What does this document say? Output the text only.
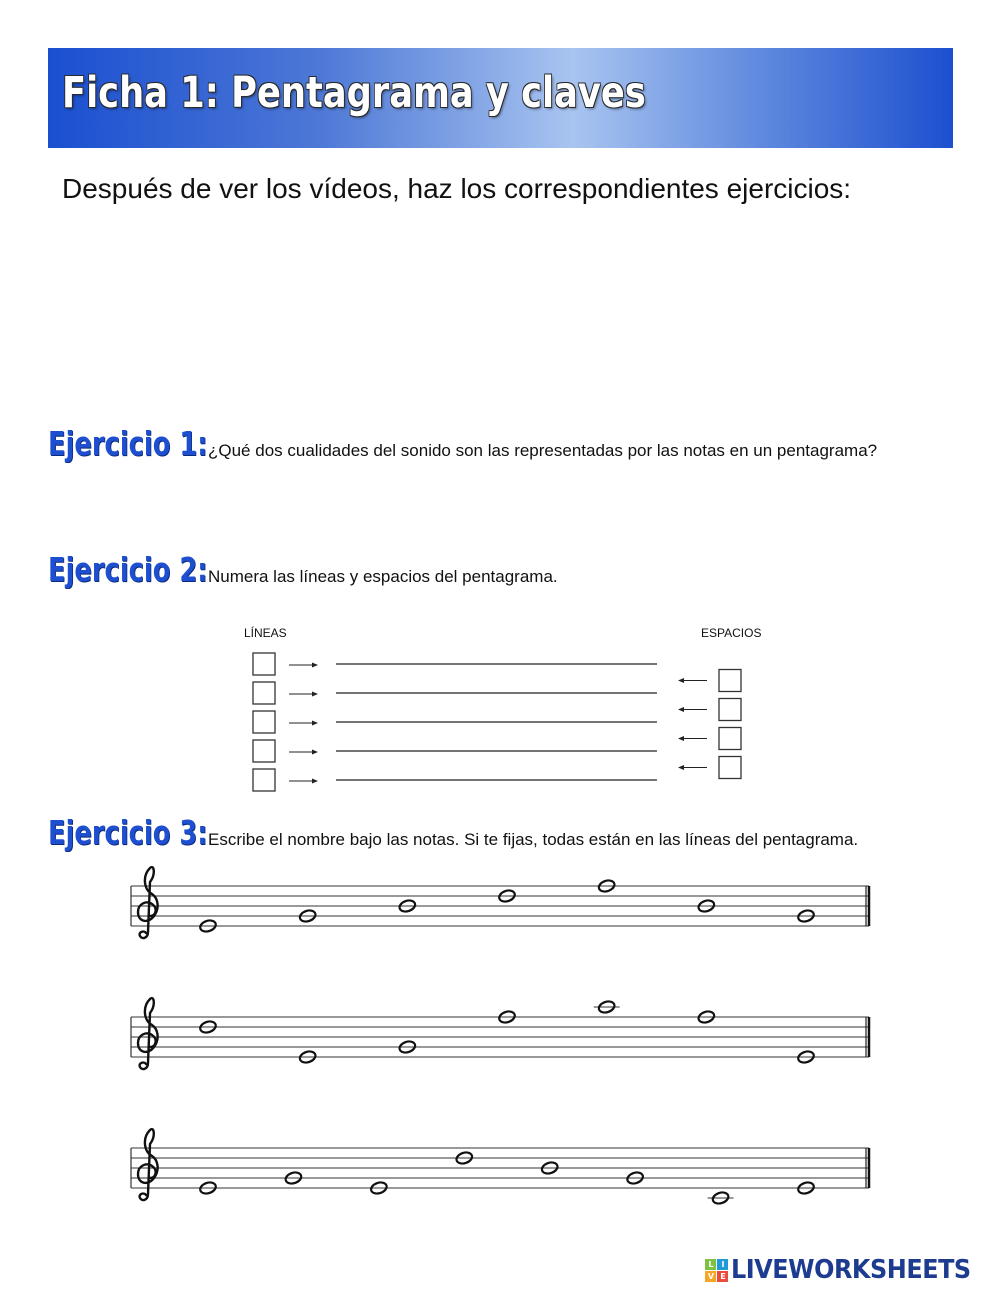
Ficha 1: Pentagrama y claves
Después de ver los vídeos, haz los correspondientes ejercicios:
Ejercicio 1: ¿Qué dos cualidades del sonido son las representadas por las notas en un pentagrama?
Ejercicio 2: Numera las líneas y espacios del pentagrama.
LÍNEAS	ESPACIOS
Ejercicio 3: Escribe el nombre bajo las notas. Si te fijas, todas están en las líneas del pentagrama.
L I
V E LIVEWORKSHEETS
